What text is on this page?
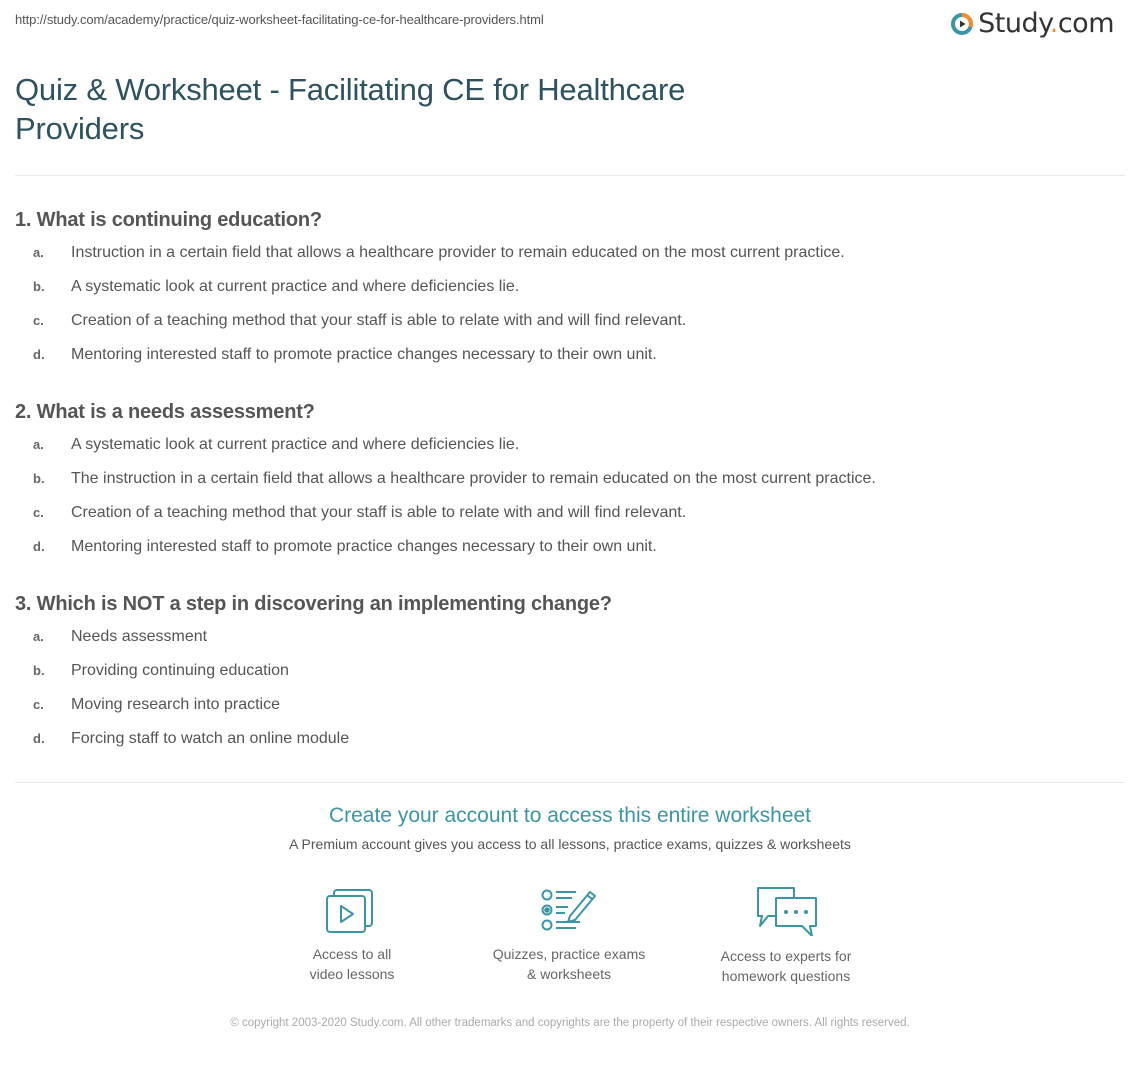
http://study.com/academy/practice/quiz-worksheet-facilitating-ce-for-healthcare-providers.html	Study.com
Quiz & Worksheet - Facilitating CE for Healthcare Providers
1. What is continuing education?
a.	Instruction in a certain field that allows a healthcare provider to remain educated on the most current practice.
b.	A systematic look at current practice and where deficiencies lie.
c.	Creation of a teaching method that your staff is able to relate with and will find relevant.
d.	Mentoring interested staff to promote practice changes necessary to their own unit.
2. What is a needs assessment?
a.	A systematic look at current practice and where deficiencies lie.
b.	The instruction in a certain field that allows a healthcare provider to remain educated on the most current practice.
c.	Creation of a teaching method that your staff is able to relate with and will find relevant.
d.	Mentoring interested staff to promote practice changes necessary to their own unit.
3. Which is NOT a step in discovering an implementing change?
a.	Needs assessment
b.	Providing continuing education
c.	Moving research into practice
d.	Forcing staff to watch an online module
Create your account to access this entire worksheet
A Premium account gives you access to all lessons, practice exams, quizzes & worksheets
Access to all
video lessons
Quizzes, practice exams
& worksheets
Access to experts for
homework questions
© copyright 2003-2020 Study.com. All other trademarks and copyrights are the property of their respective owners. All rights reserved.
